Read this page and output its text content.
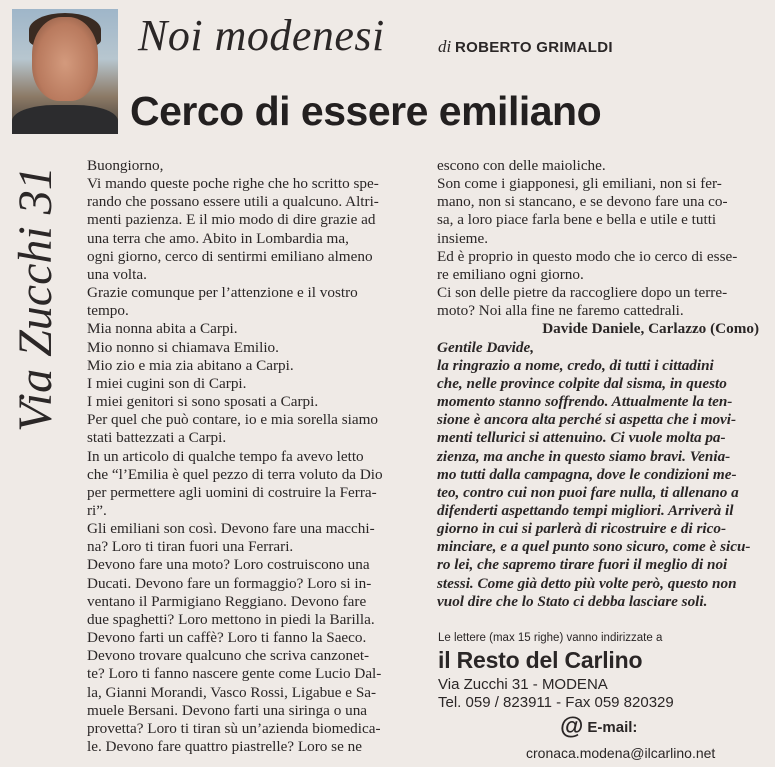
Noi modenesi	di ROBERTO GRIMALDI
Cerco di essere emiliano
Via Zucchi 31
Buongiorno,
Vi mando queste poche righe che ho scritto spe-
rando che possano essere utili a qualcuno. Altri-
menti pazienza. E il mio modo di dire grazie ad
una terra che amo. Abito in Lombardia ma,
ogni giorno, cerco di sentirmi emiliano almeno
una volta.
Grazie comunque per l’attenzione e il vostro
tempo.
Mia nonna abita a Carpi.
Mio nonno si chiamava Emilio.
Mio zio e mia zia abitano a Carpi.
I miei cugini son di Carpi.
I miei genitori si sono sposati a Carpi.
Per quel che può contare, io e mia sorella siamo
stati battezzati a Carpi.
In un articolo di qualche tempo fa avevo letto
che “l’Emilia è quel pezzo di terra voluto da Dio
per permettere agli uomini di costruire la Ferra-
ri”.
Gli emiliani son così. Devono fare una macchi-
na? Loro ti tiran fuori una Ferrari.
Devono fare una moto? Loro costruiscono una
Ducati. Devono fare un formaggio? Loro si in-
ventano il Parmigiano Reggiano. Devono fare
due spaghetti? Loro mettono in piedi la Barilla.
Devono farti un caffè? Loro ti fanno la Saeco.
Devono trovare qualcuno che scriva canzonet-
te? Loro ti fanno nascere gente come Lucio Dal-
la, Gianni Morandi, Vasco Rossi, Ligabue e Sa-
muele Bersani. Devono farti una siringa o una
provetta? Loro ti tiran sù un’azienda biomedica-
le. Devono fare quattro piastrelle? Loro se ne
escono con delle maioliche.
Son come i giapponesi, gli emiliani, non si fer-
mano, non si stancano, e se devono fare una co-
sa, a loro piace farla bene e bella e utile e tutti
insieme.
Ed è proprio in questo modo che io cerco di esse-
re emiliano ogni giorno.
Ci son delle pietre da raccogliere dopo un terre-
moto? Noi alla fine ne faremo cattedrali.
Davide Daniele, Carlazzo (Como)
Gentile Davide,
la ringrazio a nome, credo, di tutti i cittadini
che, nelle province colpite dal sisma, in questo
momento stanno soffrendo. Attualmente la ten-
sione è ancora alta perché si aspetta che i movi-
menti tellurici si attenuino. Ci vuole molta pa-
zienza, ma anche in questo siamo bravi. Venia-
mo tutti dalla campagna, dove le condizioni me-
teo, contro cui non puoi fare nulla, ti allenano a
difenderti aspettando tempi migliori. Arriverà il
giorno in cui si parlerà di ricostruire e di rico-
minciare, e a quel punto sono sicuro, come è sicu-
ro lei, che sapremo tirare fuori il meglio di noi
stessi. Come già detto più volte però, questo non
vuol dire che lo Stato ci debba lasciare soli.
Le lettere (max 15 righe) vanno indirizzate a
il Resto del Carlino
Via Zucchi 31 - MODENA
Tel. 059 / 823911 - Fax 059 820329
@ E-mail:
cronaca.modena@ilcarlino.net
